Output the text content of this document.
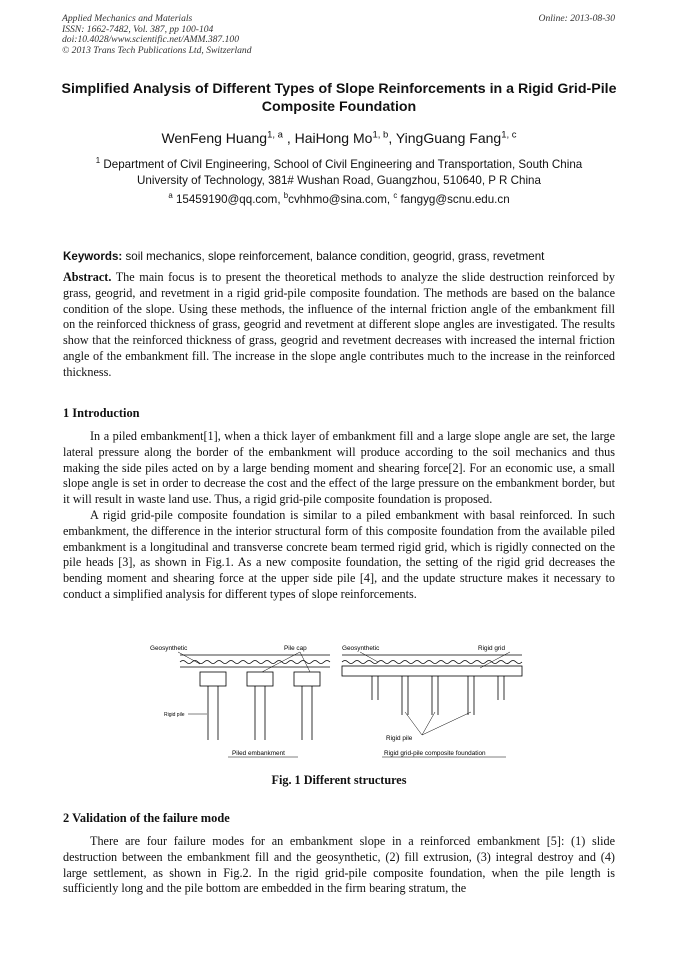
Applied Mechanics and Materials
ISSN: 1662-7482, Vol. 387, pp 100-104
doi:10.4028/www.scientific.net/AMM.387.100
© 2013 Trans Tech Publications Ltd, Switzerland
Online: 2013-08-30
Simplified Analysis of Different Types of Slope Reinforcements in a Rigid Grid-Pile Composite Foundation
WenFeng Huang$^{1, a}$ , HaiHong Mo$^{1, b}$, YingGuang Fang$^{1, c}$
$^1$ Department of Civil Engineering, School of Civil Engineering and Transportation, South China
University of Technology, 381# Wushan Road, Guangzhou, 510640, P R China
$^a$ 15459190@qq.com, $^b$cvhhmo@sina.com, $^c$ fangyg@scnu.edu.cn
Keywords: soil mechanics, slope reinforcement, balance condition, geogrid, grass, revetment

Abstract. The main focus is to present the theoretical methods to analyze the slide destruction reinforced by grass, geogrid, and revetment in a rigid grid-pile composite foundation. The methods are based on the balance condition of the slope. Using these methods, the influence of the internal friction angle of the embankment fill on the reinforced thickness of grass, geogrid and revetment at different slope angles are investigated. The results show that the reinforced thickness of grass, geogrid and revetment decreases with increased the internal friction angle of the embankment fill. The increase in the slope angle contributes much to the increase in the reinforced thickness.

1 Introduction

In a piled embankment[1], when a thick layer of embankment fill and a large slope angle are set, the large lateral pressure along the border of the embankment will produce according to the soil mechanics and thus making the side piles acted on by a large bending moment and shearing force[2]. For an economic use, a small slope angle is set in order to decrease the cost and the effect of the large pressure on the embankment border, but it will result in waste land use. Thus, a rigid grid-pile composite foundation is proposed.

A rigid grid-pile composite foundation is similar to a piled embankment with basal reinforced. In such embankment, the difference in the interior structural form of this composite foundation from the available piled embankment is a longitudinal and transverse concrete beam termed rigid grid, which is rigidly connected on the pile heads [3], as shown in Fig.1. As a new composite foundation, the setting of the rigid grid decreases the bending moment and shearing force at the upper side pile [4], and the update structure makes it necessary to conduct a simplified analysis for different types of slope reinforcements.

Geosynthetic	Pile cap
Rigid pile
Piled embankment
Geosynthetic	Rigid grid
Rigid pile
Rigid grid-pile composite foundation
Fig. 1 Different structures
2 Validation of the failure mode

There are four failure modes for an embankment slope in a reinforced embankment [5]: (1) slide destruction between the embankment fill and the geosynthetic, (2) fill extrusion, (3) integral destroy and (4) large settlement, as shown in Fig.2. In the rigid grid-pile composite foundation, when the pile length is sufficiently long and the pile bottom are embedded in the firm bearing stratum, the
